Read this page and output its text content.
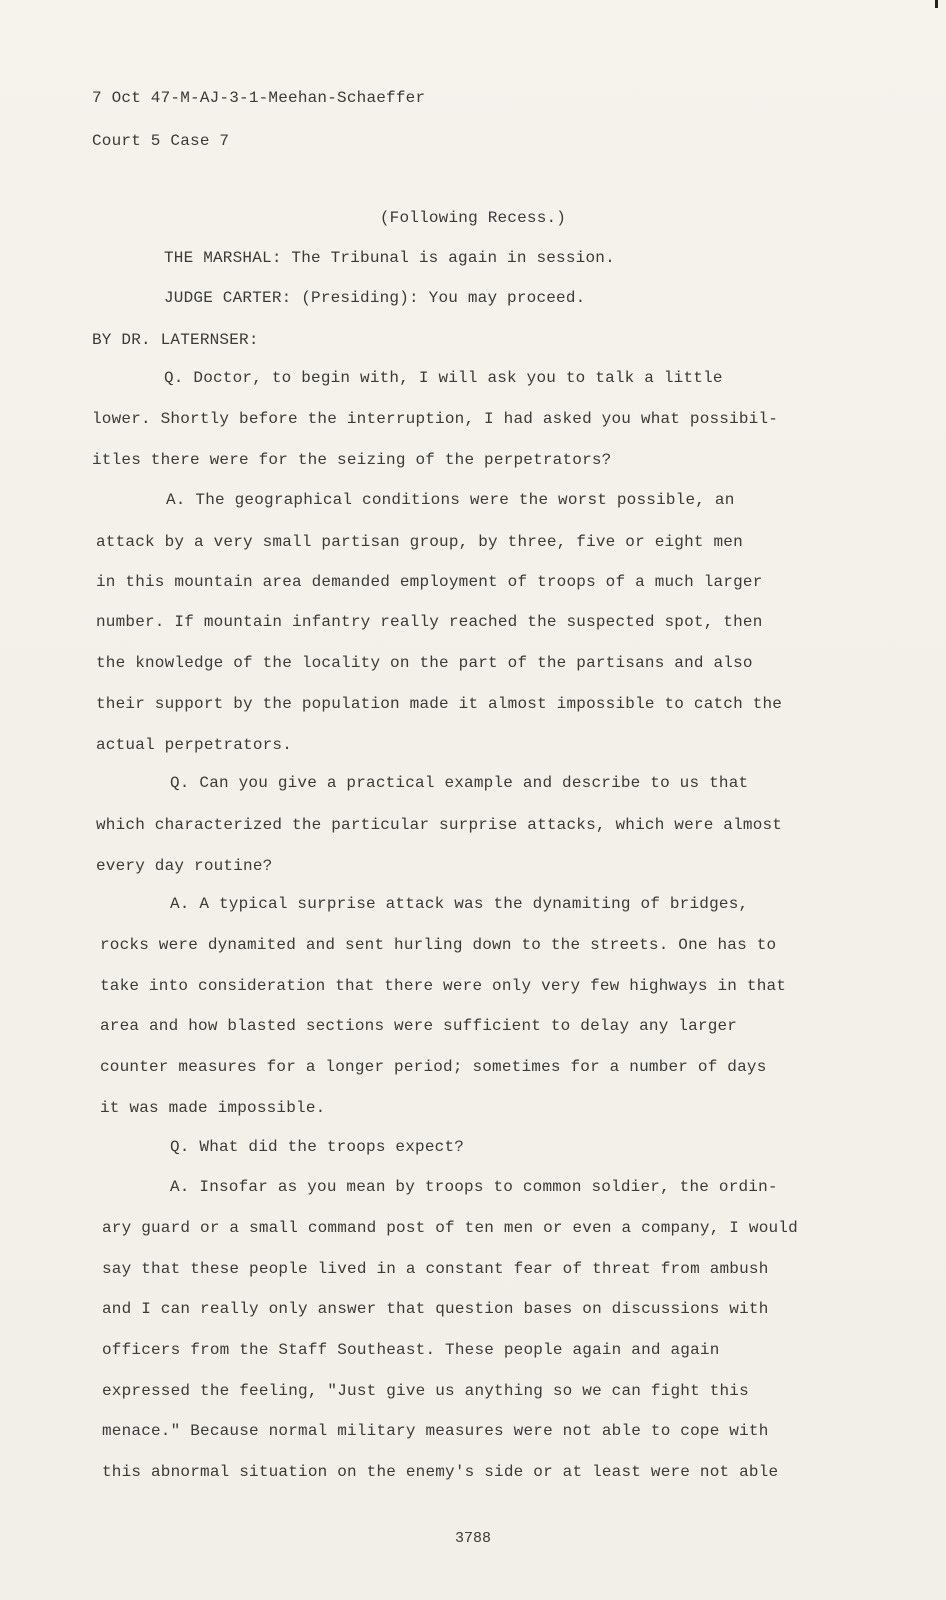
7 Oct 47-M-AJ-3-1-Meehan-Schaeffer
Court 5 Case 7
(Following Recess.)
THE MARSHAL: The Tribunal is again in session.
JUDGE CARTER: (Presiding): You may proceed.
BY DR. LATERNSER:
Q. Doctor, to begin with, I will ask you to talk a little
lower. Shortly before the interruption, I had asked you what possibil-
itles there were for the seizing of the perpetrators?
A. The geographical conditions were the worst possible, an
attack by a very small partisan group, by three, five or eight men
in this mountain area demanded employment of troops of a much larger
number. If mountain infantry really reached the suspected spot, then
the knowledge of the locality on the part of the partisans and also
their support by the population made it almost impossible to catch the
actual perpetrators.
Q. Can you give a practical example and describe to us that
which characterized the particular surprise attacks, which were almost
every day routine?
A. A typical surprise attack was the dynamiting of bridges,
rocks were dynamited and sent hurling down to the streets. One has to
take into consideration that there were only very few highways in that
area and how blasted sections were sufficient to delay any larger
counter measures for a longer period; sometimes for a number of days
it was made impossible.
Q. What did the troops expect?
A. Insofar as you mean by troops to common soldier, the ordin-
ary guard or a small command post of ten men or even a company, I would
say that these people lived in a constant fear of threat from ambush
and I can really only answer that question bases on discussions with
officers from the Staff Southeast. These people again and again
expressed the feeling, "Just give us anything so we can fight this
menace." Because normal military measures were not able to cope with
this abnormal situation on the enemy's side or at least were not able
3788
